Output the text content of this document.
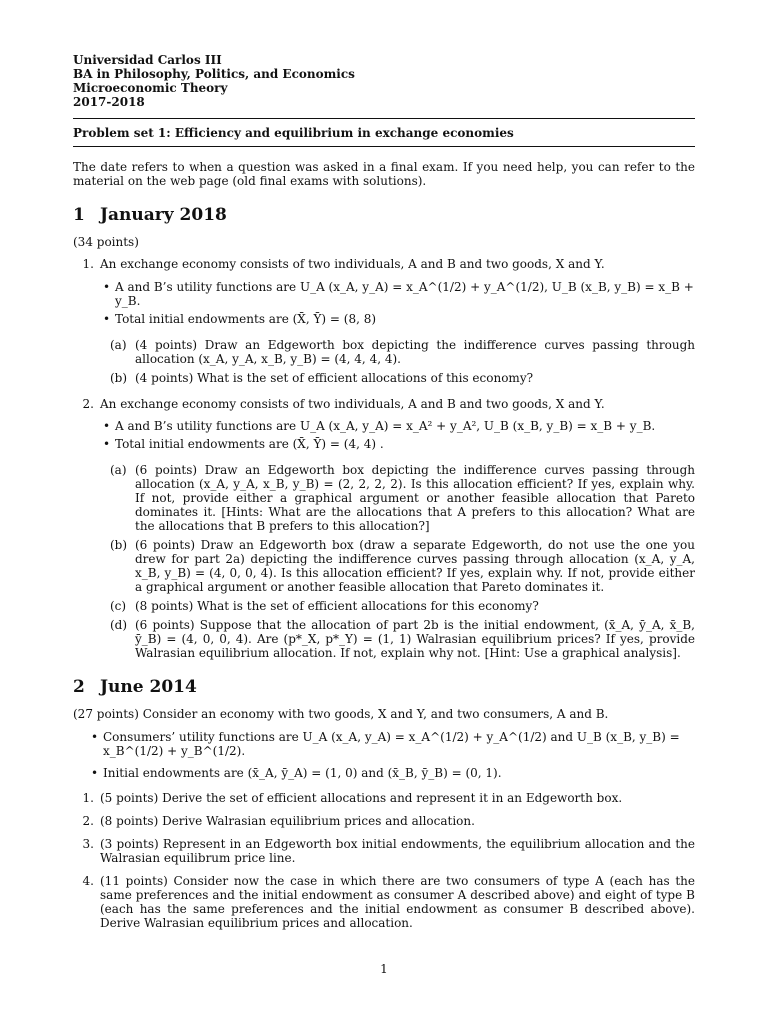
Universidad Carlos III
BA in Philosophy, Politics, and Economics
Microeconomic Theory
2017-2018
Problem set 1: Efficiency and equilibrium in exchange economies
The date refers to when a question was asked in a final exam. If you need help, you can refer to the material on the web page (old final exams with solutions).
1 January 2018
(34 points)
1. An exchange economy consists of two individuals, A and B and two goods, X and Y.
• A and B’s utility functions are U_A (x_A, y_A) = x_A^(1/2) + y_A^(1/2), U_B (x_B, y_B) = x_B + y_B.
• Total initial endowments are (X̄, Ȳ) = (8, 8)
(a) (4 points) Draw an Edgeworth box depicting the indifference curves passing through allocation (x_A, y_A, x_B, y_B) = (4, 4, 4, 4).
(b) (4 points) What is the set of efficient allocations of this economy?
2. An exchange economy consists of two individuals, A and B and two goods, X and Y.
• A and B’s utility functions are U_A (x_A, y_A) = x_A² + y_A², U_B (x_B, y_B) = x_B + y_B.
• Total initial endowments are (X̄, Ȳ) = (4, 4) .
(a) (6 points) Draw an Edgeworth box depicting the indifference curves passing through allocation (x_A, y_A, x_B, y_B) = (2, 2, 2, 2). Is this allocation efficient? If yes, explain why. If not, provide either a graphical argument or another feasible allocation that Pareto dominates it. [Hints: What are the allocations that A prefers to this allocation? What are the allocations that B prefers to this allocation?]
(b) (6 points) Draw an Edgeworth box (draw a separate Edgeworth, do not use the one you drew for part 2a) depicting the indifference curves passing through allocation (x_A, y_A, x_B, y_B) = (4, 0, 0, 4). Is this allocation efficient? If yes, explain why. If not, provide either a graphical argument or another feasible allocation that Pareto dominates it.
(c) (8 points) What is the set of efficient allocations for this economy?
(d) (6 points) Suppose that the allocation of part 2b is the initial endowment, (x̄_A, ȳ_A, x̄_B, ȳ_B) = (4, 0, 0, 4). Are (p*_X, p*_Y) = (1, 1) Walrasian equilibrium prices? If yes, provide Walrasian equilibrium allocation. If not, explain why not. [Hint: Use a graphical analysis].
2 June 2014
(27 points) Consider an economy with two goods, X and Y, and two consumers, A and B.
• Consumers’ utility functions are U_A (x_A, y_A) = x_A^(1/2) + y_A^(1/2) and U_B (x_B, y_B) = x_B^(1/2) + y_B^(1/2).
• Initial endowments are (x̄_A, ȳ_A) = (1, 0) and (x̄_B, ȳ_B) = (0, 1).
1. (5 points) Derive the set of efficient allocations and represent it in an Edgeworth box.
2. (8 points) Derive Walrasian equilibrium prices and allocation.
3. (3 points) Represent in an Edgeworth box initial endowments, the equilibrium allocation and the Walrasian equilibrum price line.
4. (11 points) Consider now the case in which there are two consumers of type A (each has the same preferences and the initial endowment as consumer A described above) and eight of type B (each has the same preferences and the initial endowment as consumer B described above). Derive Walrasian equilibrium prices and allocation.
1
